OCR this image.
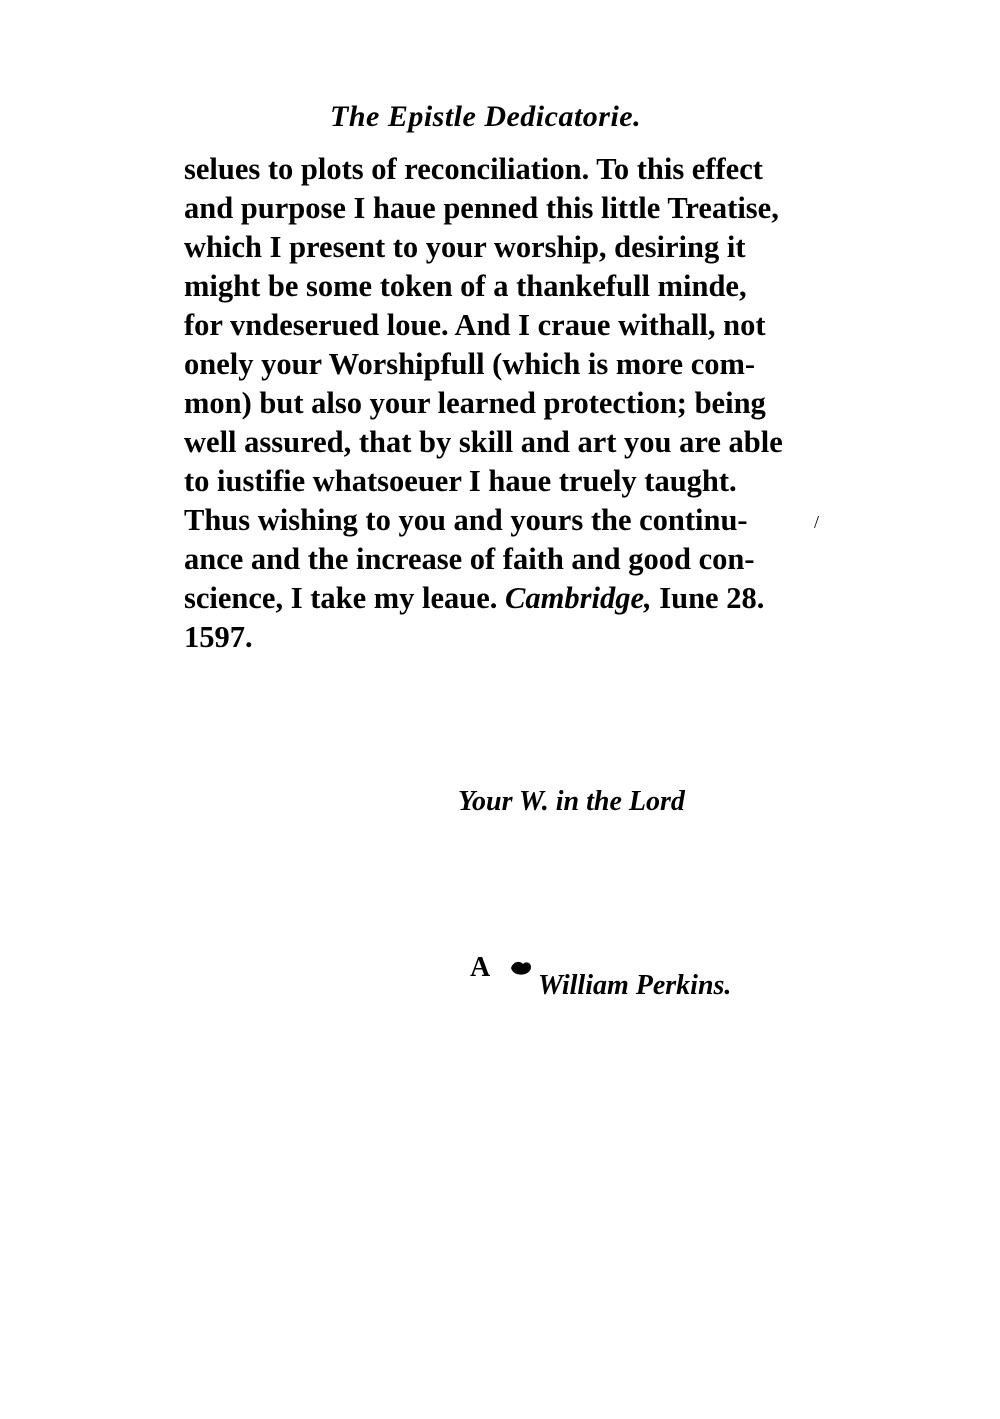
The Epistle Dedicatorie.
selues to plots of reconciliation. To this effect
and purpose I haue penned this little Treatise,
which I present to your worship, desiring it
might be some token of a thankefull minde,
for vndeserued loue. And I craue withall, not
onely your Worshipfull (which is more com-
mon) but also your learned protection; being
well assured, that by skill and art you are able
to iustifie whatsoeuer I haue truely taught.
Thus wishing to you and yours the continu-
ance and the increase of faith and good con-
science, I take my leaue. Cambridge, Iune 28.
1597.
Your W. in the Lord
William Perkins.
A
/
